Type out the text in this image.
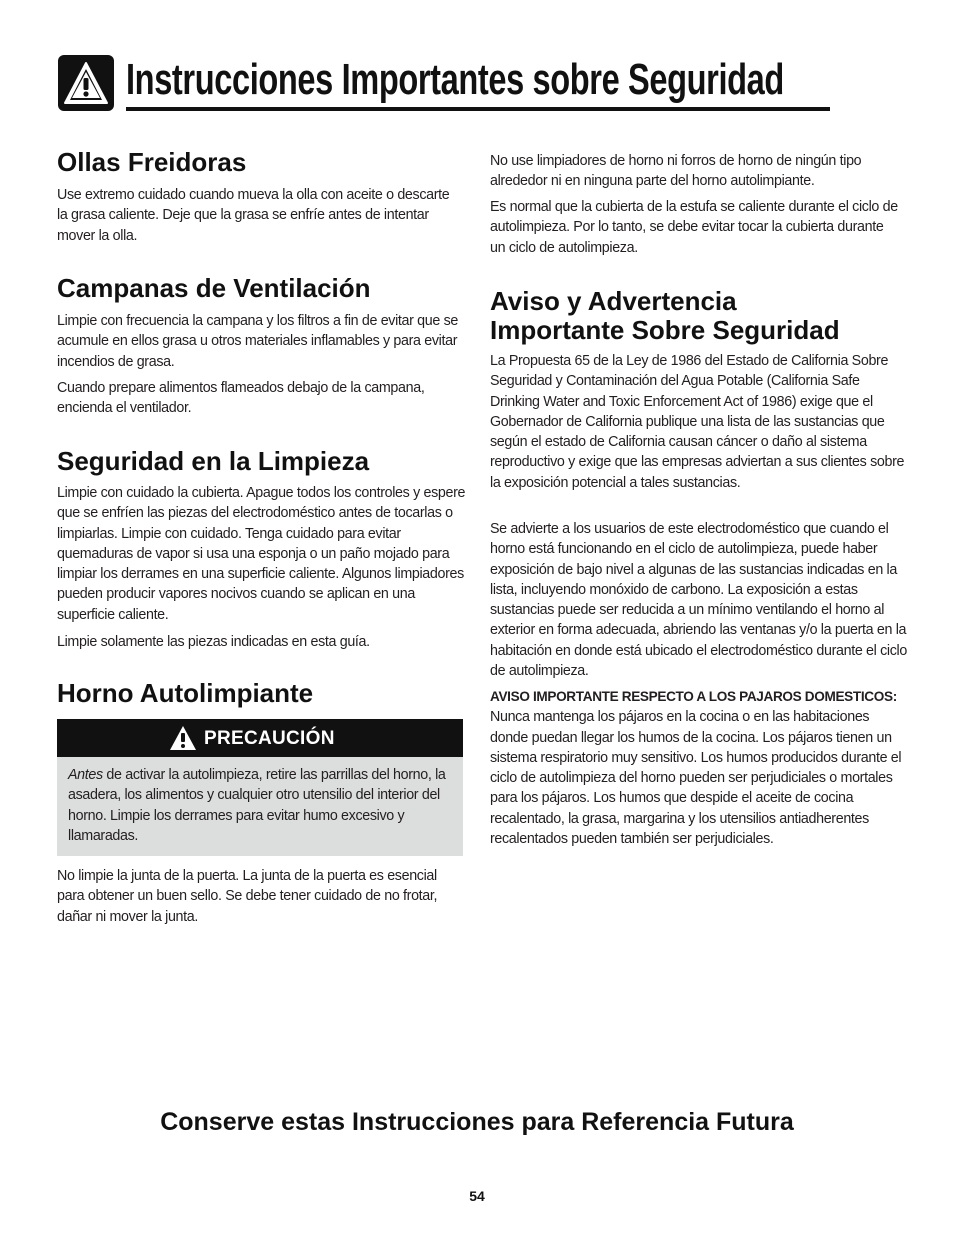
Instrucciones Importantes sobre Seguridad
Ollas Freidoras

Use extremo cuidado cuando mueva la olla con aceite o descarte la grasa caliente. Deje que la grasa se enfríe antes de intentar mover la olla.

Campanas de Ventilación

Limpie con frecuencia la campana y los filtros a fin de evitar que se acumule en ellos grasa u otros materiales inflamables y para evitar incendios de grasa.

Cuando prepare alimentos flameados debajo de la campana, encienda el ventilador.

Seguridad en la Limpieza

Limpie con cuidado la cubierta. Apague todos los controles y espere que se enfríen las piezas del electrodoméstico antes de tocarlas o limpiarlas. Limpie con cuidado. Tenga cuidado para evitar quemaduras de vapor si usa una esponja o un paño mojado para limpiar los derrames en una superficie caliente. Algunos limpiadores pueden producir vapores nocivos cuando se aplican en una superficie caliente.

Limpie solamente las piezas indicadas en esta guía.

Horno Autolimpiante
PRECAUCIÓN
Antes de activar la autolimpieza, retire las parrillas del horno, la asadera, los alimentos y cualquier otro utensilio del interior del horno. Limpie los derrames para evitar humo excesivo y llamaradas.

No limpie la junta de la puerta. La junta de la puerta es esencial para obtener un buen sello. Se debe tener cuidado de no frotar, dañar ni mover la junta.

No use limpiadores de horno ni forros de horno de ningún tipo alrededor ni en ninguna parte del horno autolimpiante.

Es normal que la cubierta de la estufa se caliente durante el ciclo de autolimpieza. Por lo tanto, se debe evitar tocar la cubierta durante un ciclo de autolimpieza.

Aviso y Advertencia
Importante Sobre Seguridad

La Propuesta 65 de la Ley de 1986 del Estado de California Sobre Seguridad y Contaminación del Agua Potable (California Safe Drinking Water and Toxic Enforcement Act of 1986) exige que el Gobernador de California publique una lista de las sustancias que según el estado de California causan cáncer o daño al sistema reproductivo y exige que las empresas adviertan a sus clientes sobre la exposición potencial a tales sustancias.

Se advierte a los usuarios de este electrodoméstico que cuando el horno está funcionando en el ciclo de autolimpieza, puede haber exposición de bajo nivel a algunas de las sustancias indicadas en la lista, incluyendo monóxido de carbono. La exposición a estas sustancias puede ser reducida a un mínimo ventilando el horno al exterior en forma adecuada, abriendo las ventanas y/o la puerta en la habitación en donde está ubicado el electrodoméstico durante el ciclo de autolimpieza.

AVISO IMPORTANTE RESPECTO A LOS PAJAROS DOMESTICOS: Nunca mantenga los pájaros en la cocina o en las habitaciones donde puedan llegar los humos de la cocina. Los pájaros tienen un sistema respiratorio muy sensitivo. Los humos producidos durante el ciclo de autolimpieza del horno pueden ser perjudiciales o mortales para los pájaros. Los humos que despide el aceite de cocina recalentado, la grasa, margarina y los utensilios antiadherentes recalentados pueden también ser perjudiciales.

Conserve estas Instrucciones para Referencia Futura
54
